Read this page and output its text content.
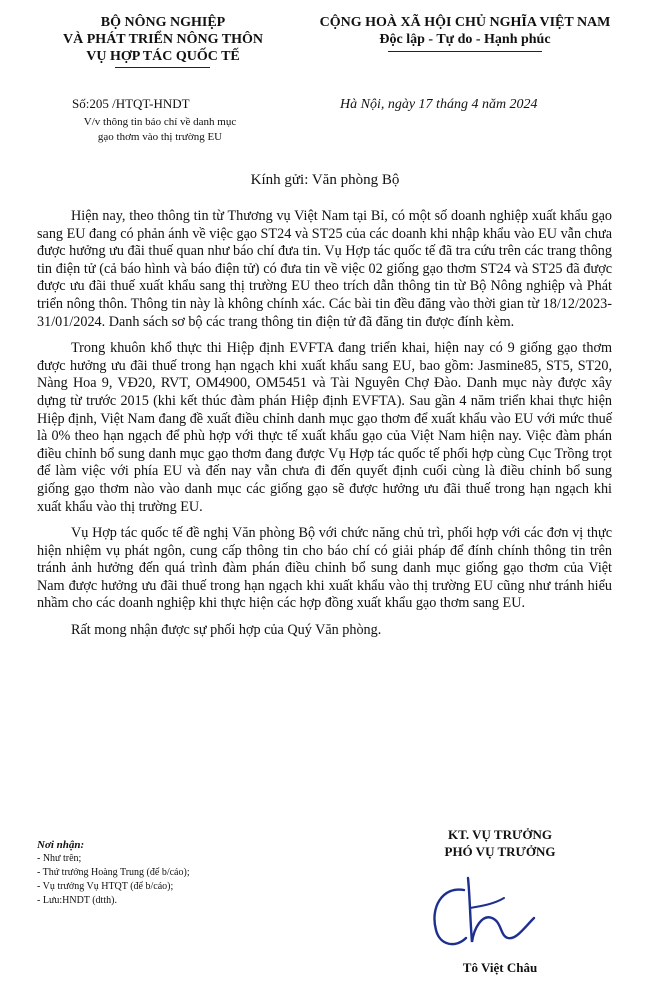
BỘ NÔNG NGHIỆP
VÀ PHÁT TRIỂN NÔNG THÔN
VỤ HỢP TÁC QUỐC TẾ
CỘNG HOÀ XÃ HỘI CHỦ NGHĨA VIỆT NAM
Độc lập - Tự do - Hạnh phúc
Số:205 /HTQT-HNDT
V/v thông tin báo chí về danh mục
gạo thơm vào thị trường EU
Hà Nội, ngày 17 tháng 4 năm 2024
Kính gửi: Văn phòng Bộ

Hiện nay, theo thông tin từ Thương vụ Việt Nam tại Bỉ, có một số doanh nghiệp xuất khẩu gạo sang EU đang có phản ánh về việc gạo ST24 và ST25 của các doanh khi nhập khẩu vào EU vẫn chưa được hưởng ưu đãi thuế quan như báo chí đưa tin. Vụ Hợp tác quốc tế đã tra cứu trên các trang thông tin điện tử (cả báo hình và báo điện tử) có đưa tin về việc 02 giống gạo thơm ST24 và ST25 đã được được ưu đãi thuế xuất khẩu sang thị trường EU theo trích dẫn thông tin từ Bộ Nông nghiệp và Phát triển nông thôn. Thông tin này là không chính xác. Các bài tin đều đăng vào thời gian từ 18/12/2023-31/01/2024. Danh sách sơ bộ các trang thông tin điện tử đã đăng tin được đính kèm.

Trong khuôn khổ thực thi Hiệp định EVFTA đang triển khai, hiện nay có 9 giống gạo thơm được hưởng ưu đãi thuế trong hạn ngạch khi xuất khẩu sang EU, bao gồm: Jasmine85, ST5, ST20, Nàng Hoa 9, VĐ20, RVT, OM4900, OM5451 và Tài Nguyên Chợ Đào. Danh mục này được xây dựng từ trước 2015 (khi kết thúc đàm phán Hiệp định EVFTA). Sau gần 4 năm triển khai thực hiện Hiệp định, Việt Nam đang đề xuất điều chỉnh danh mục gạo thơm để xuất khẩu vào EU với mức thuế là 0% theo hạn ngạch để phù hợp với thực tế xuất khẩu gạo của Việt Nam hiện nay. Việc đàm phán điều chỉnh bổ sung danh mục gạo thơm đang được Vụ Hợp tác quốc tế phối hợp cùng Cục Trồng trọt để làm việc với phía EU và đến nay vẫn chưa đi đến quyết định cuối cùng là điều chỉnh bổ sung giống gạo thơm nào vào danh mục các giống gạo sẽ được hưởng ưu đãi thuế trong hạn ngạch khi xuất khẩu vào thị trường EU.

Vụ Hợp tác quốc tế đề nghị Văn phòng Bộ với chức năng chủ trì, phối hợp với các đơn vị thực hiện nhiệm vụ phát ngôn, cung cấp thông tin cho báo chí có giải pháp để đính chính thông tin trên tránh ảnh hưởng đến quá trình đàm phán điều chỉnh bổ sung danh mục giống gạo thơm của Việt Nam được hưởng ưu đãi thuế trong hạn ngạch khi xuất khẩu vào thị trường EU cũng như tránh hiểu nhầm cho các doanh nghiệp khi thực hiện các hợp đồng xuất khẩu gạo thơm sang EU.

Rất mong nhận được sự phối hợp của Quý Văn phòng.

Nơi nhận:
- Như trên;
- Thứ trưởng Hoàng Trung (để b/cáo);
- Vụ trưởng Vụ HTQT (để b/cáo);
- Lưu:HNDT (dtth).
KT. VỤ TRƯỞNG
PHÓ VỤ TRƯỞNG
Tô Việt Châu
